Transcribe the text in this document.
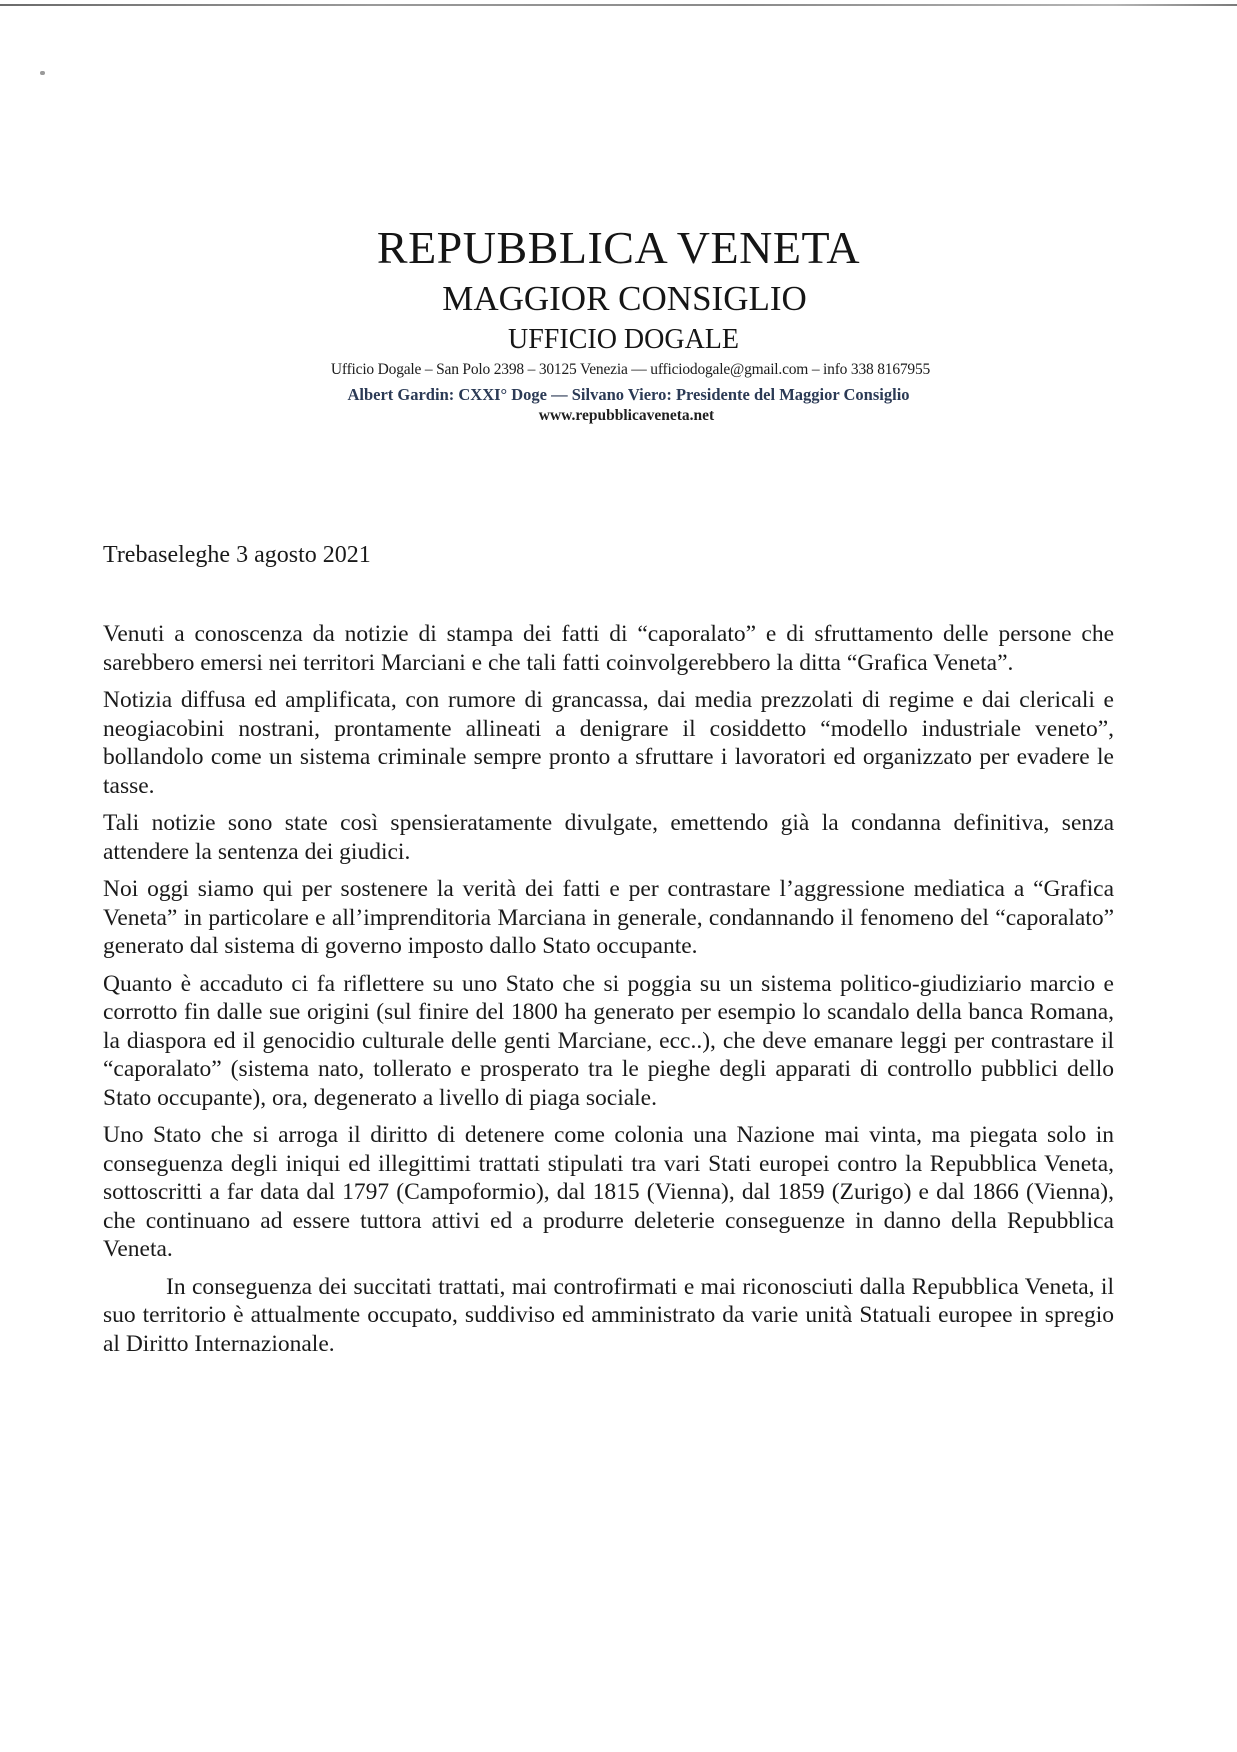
REPUBBLICA VENETA
MAGGIOR CONSIGLIO
UFFICIO DOGALE
Ufficio Dogale – San Polo 2398 – 30125 Venezia — ufficiodogale@gmail.com – info 338 8167955
Albert Gardin: CXXI° Doge — Silvano Viero: Presidente del Maggior Consiglio
www.repubblicaveneta.net
Trebaseleghe 3 agosto 2021

Venuti a conoscenza da notizie di stampa dei fatti di “caporalato” e di sfruttamento delle persone che sarebbero emersi nei territori Marciani e che tali fatti coinvolgerebbero la ditta “Grafica Veneta”.

Notizia diffusa ed amplificata, con rumore di grancassa, dai media prezzolati di regime e dai clericali e neogiacobini nostrani, prontamente allineati a denigrare il cosiddetto “modello industriale veneto”, bollandolo come un sistema criminale sempre pronto a sfruttare i lavoratori ed organizzato per evadere le tasse.

Tali notizie sono state così spensieratamente divulgate, emettendo già la condanna definitiva, senza attendere la sentenza dei giudici.

Noi oggi siamo qui per sostenere la verità dei fatti e per contrastare l’aggressione mediatica a “Grafica Veneta” in particolare e all’imprenditoria Marciana in generale, condannando il fenomeno del “caporalato” generato dal sistema di governo imposto dallo Stato occupante.

Quanto è accaduto ci fa riflettere su uno Stato che si poggia su un sistema politico-giudiziario marcio e corrotto fin dalle sue origini (sul finire del 1800 ha generato per esempio lo scandalo della banca Romana, la diaspora ed il genocidio culturale delle genti Marciane, ecc..), che deve emanare leggi per contrastare il “caporalato” (sistema nato, tollerato e prosperato tra le pieghe degli apparati di controllo pubblici dello Stato occupante), ora, degenerato a livello di piaga sociale.

Uno Stato che si arroga il diritto di detenere come colonia una Nazione mai vinta, ma piegata solo in conseguenza degli iniqui ed illegittimi trattati stipulati tra vari Stati europei contro la Repubblica Veneta, sottoscritti a far data dal 1797 (Campoformio), dal 1815 (Vienna), dal 1859 (Zurigo) e dal 1866 (Vienna), che continuano ad essere tuttora attivi ed a produrre deleterie conseguenze in danno della Repubblica Veneta.

In conseguenza dei succitati trattati, mai controfirmati e mai riconosciuti dalla Repubblica Veneta, il suo territorio è attualmente occupato, suddiviso ed amministrato da varie unità Statuali europee in spregio al Diritto Internazionale.
